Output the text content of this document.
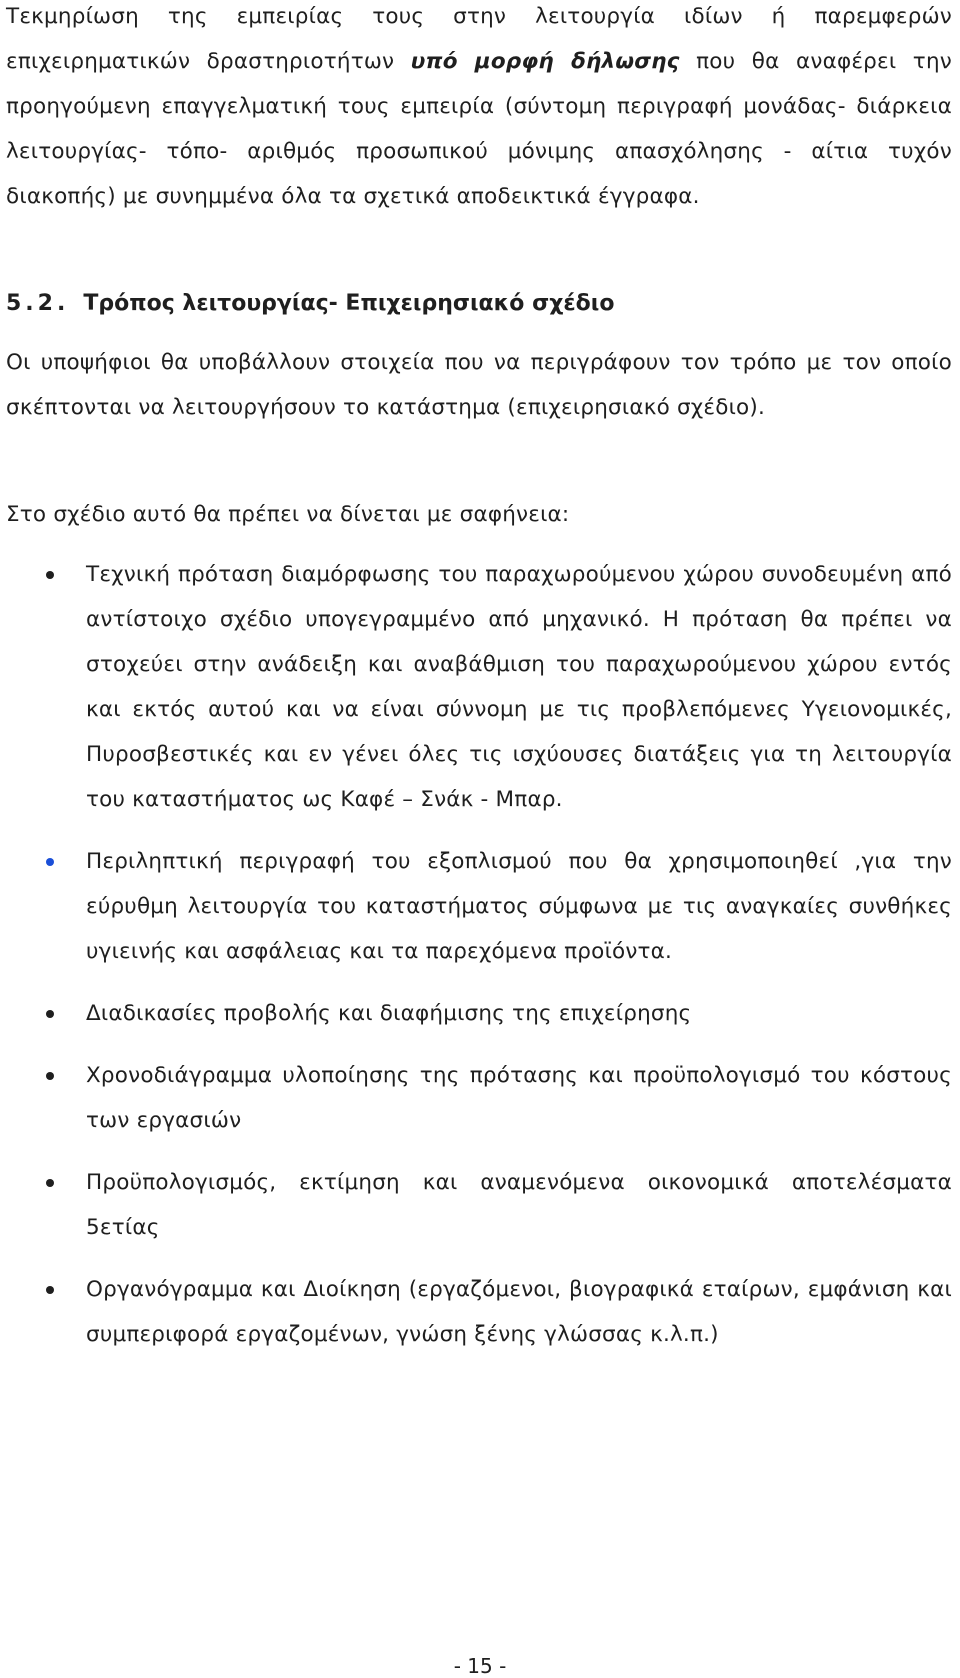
Τεκμηρίωση της εμπειρίας τους στην λειτουργία ιδίων ή παρεμφερών επιχειρηματικών δραστηριοτήτων υπό μορφή δήλωσης που θα αναφέρει την προηγούμενη επαγγελματική τους εμπειρία (σύντομη περιγραφή μονάδας- διάρκεια λειτουργίας- τόπο- αριθμός προσωπικού μόνιμης απασχόλησης - αίτια τυχόν διακοπής) με συνημμένα όλα τα σχετικά αποδεικτικά έγγραφα.

5.2. Τρόπος λειτουργίας- Επιχειρησιακό σχέδιο

Οι υποψήφιοι θα υποβάλλουν στοιχεία που να περιγράφουν τον τρόπο με τον οποίο σκέπτονται να λειτουργήσουν το κατάστημα (επιχειρησιακό σχέδιο).

Στο σχέδιο αυτό θα πρέπει να δίνεται με σαφήνεια:

Τεχνική πρόταση διαμόρφωσης του παραχωρούμενου χώρου συνοδευμένη από αντίστοιχο σχέδιο υπογεγραμμένο από μηχανικό. Η πρόταση θα πρέπει να στοχεύει στην ανάδειξη και αναβάθμιση του παραχωρούμενου χώρου εντός και εκτός αυτού και να είναι σύννομη με τις προβλεπόμενες Υγειονομικές, Πυροσβεστικές και εν γένει όλες τις ισχύουσες διατάξεις για τη λειτουργία του καταστήματος ως Καφέ – Σνάκ - Μπαρ.
Περιληπτική περιγραφή του εξοπλισμού που θα χρησιμοποιηθεί ,για την εύρυθμη λειτουργία του καταστήματος σύμφωνα με τις αναγκαίες συνθήκες υγιεινής και ασφάλειας και τα παρεχόμενα προϊόντα.
Διαδικασίες προβολής και διαφήμισης της επιχείρησης
Χρονοδιάγραμμα υλοποίησης της πρότασης και προϋπολογισμό του κόστους των εργασιών
Προϋπολογισμός, εκτίμηση και αναμενόμενα οικονομικά αποτελέσματα 5ετίας
Οργανόγραμμα και Διοίκηση (εργαζόμενοι, βιογραφικά εταίρων, εμφάνιση και συμπεριφορά εργαζομένων, γνώση ξένης γλώσσας κ.λ.π.)
- 15 -
